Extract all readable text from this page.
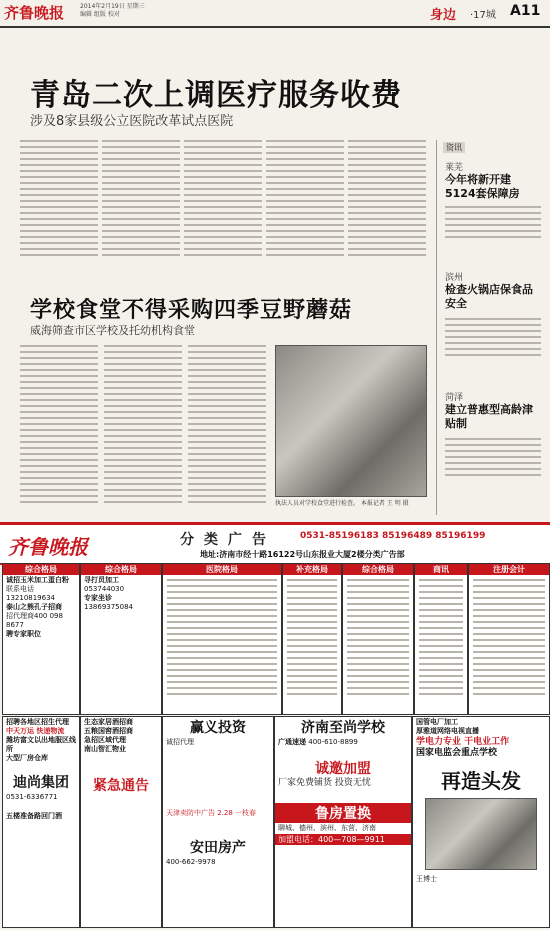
齐鲁晚报	2014年2月19日 星期三
编辑 组版 校对	身边 ·17城 A11
青岛二次上调医疗服务收费
涉及8家县级公立医院改革试点医院
学校食堂不得采购四季豆野蘑菇
威海筛查市区学校及托幼机构食堂
执法人员对学校食堂进行检查。 本报记者 王 明 摄
资讯
莱芜
今年将新开建5124套保障房
滨州
检查火锅店保食品安全
菏泽
建立普惠型高龄津贴制
齐鲁晚报	分类广告	0531-85196183 85196489 85196199
地址:济南市经十路16122号山东报业大厦2楼分类广告部
综合格局
诚招玉米加工蛋白粉
联系电话13210819634
泰山之熊孔子招商
招代理商400 098 8677
聘专家职位
综合格局
寻打员加工
053744030
专家坐诊
13869375084
医院格局	补充格局	综合格局	商讯	注册会计
招聘各地区招生代理
中天万运 快递物流
潍坊富文以出地服区线所
大型厂房仓库
迪尚集团
0531-6336771
五楼准备路回门酒
生态家居酒招商
五粮国窖酒招商
急招区域代理
南山智汇物业
紧急通告
赢义投资
诚招代理
天津卖防中广告 2.28 一枝春
安田房产
400-662-9978
济南至尚学校
广通速递 400-610-8899
诚邀加盟
厂家免费铺货 投资无忧
鲁房置换
聊城、德州、滨州、东营、济南
加盟电话：400—708—9911
国管电厂加工
厚雅道网络电视直播
学电力专业 干电业工作
国家电监会重点学校
再造头发
王博士
